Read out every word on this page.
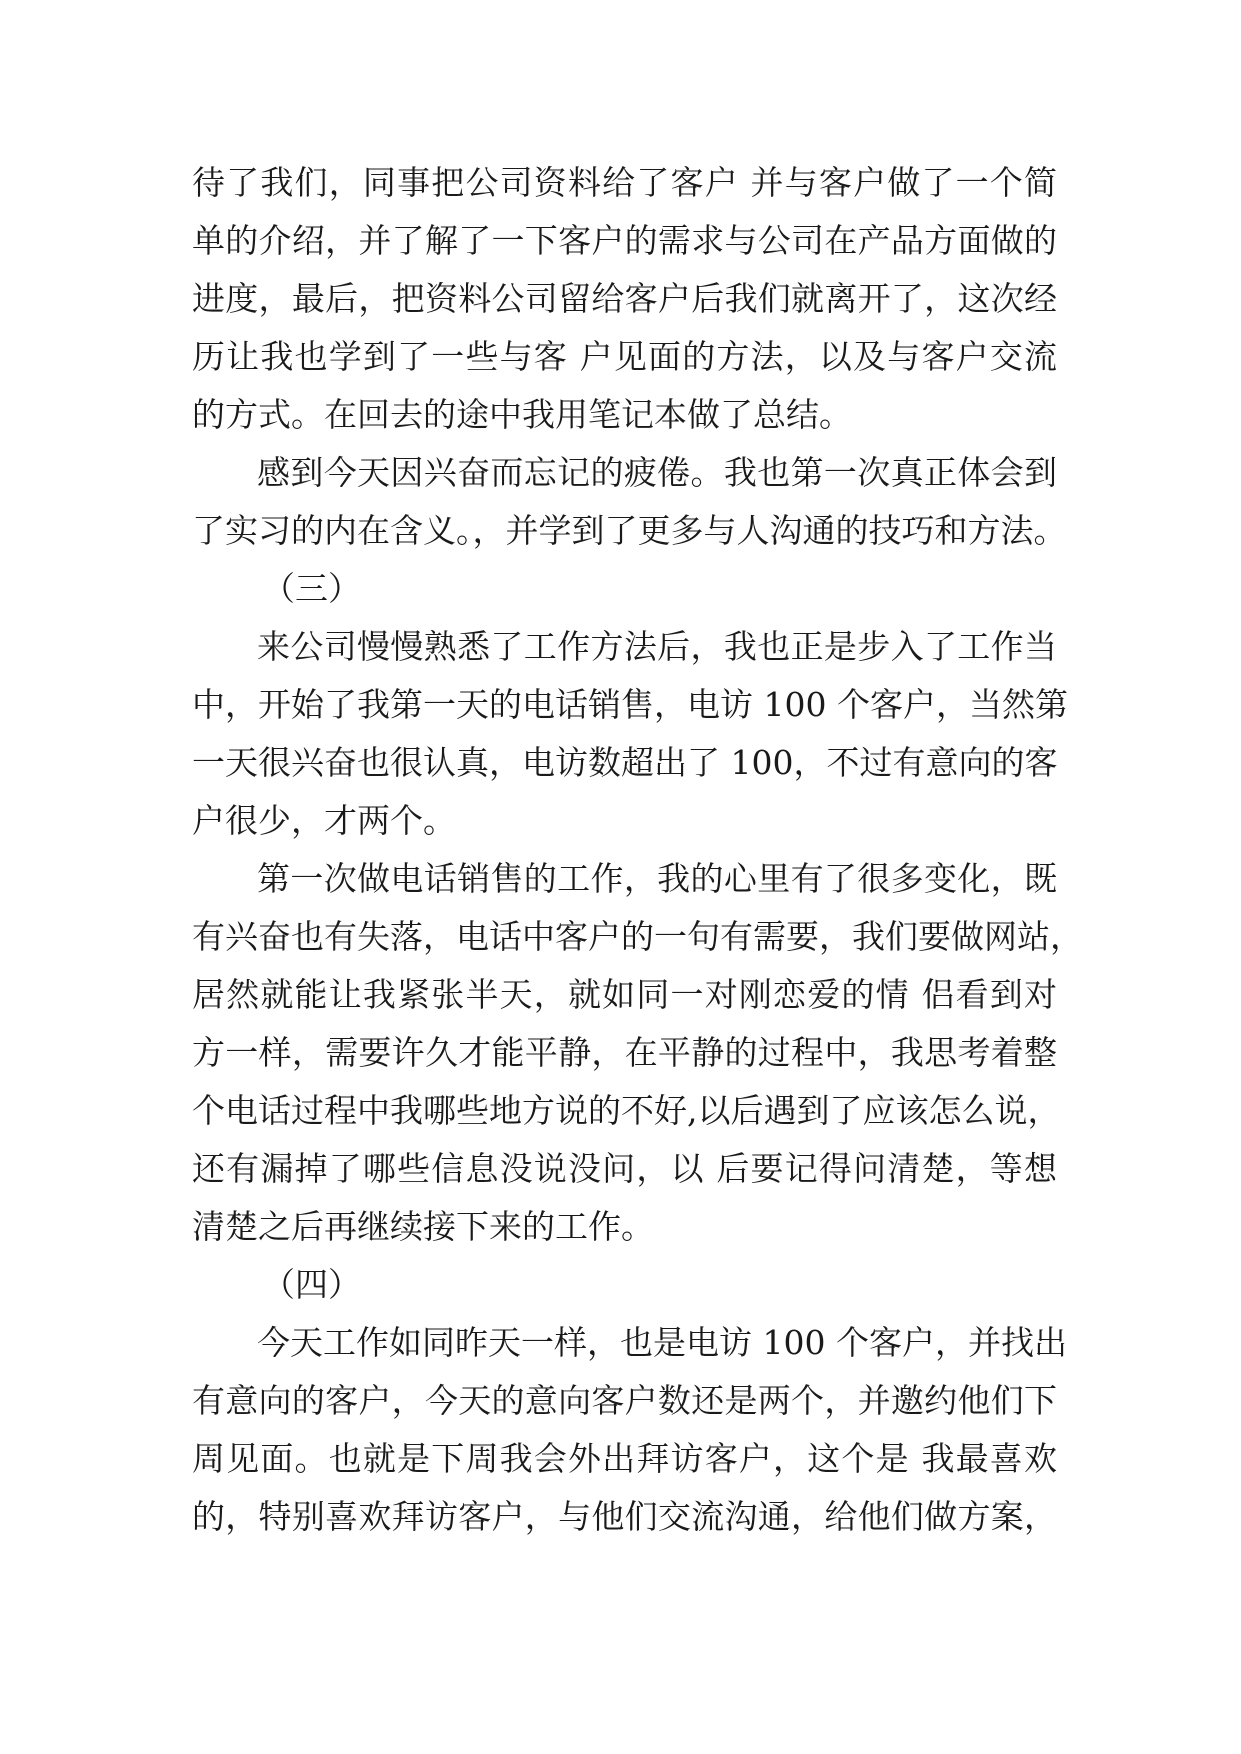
待了我们，同事把公司资料给了客户 并与客户做了一个简
单的介绍，并了解了一下客户的需求与公司在产品方面做的
进度，最后，把资料公司留给客户后我们就离开了，这次经
历让我也学到了一些与客 户见面的方法，以及与客户交流
的方式。在回去的途中我用笔记本做了总结。
感到今天因兴奋而忘记的疲倦。我也第一次真正体会到
了实习的内在含义。，并学到了更多与人沟通的技巧和方法。
（三）
来公司慢慢熟悉了工作方法后，我也正是步入了工作当
中，开始了我第一天的电话销售，电访 100 个客户，当然第
一天很兴奋也很认真，电访数超出了 100，不过有意向的客
户很少，才两个。
第一次做电话销售的工作，我的心里有了很多变化，既
有兴奋也有失落，电话中客户的一句有需要，我们要做网站，
居然就能让我紧张半天，就如同一对刚恋爱的情 侣看到对
方一样，需要许久才能平静，在平静的过程中，我思考着整
个电话过程中我哪些地方说的不好,以后遇到了应该怎么说，
还有漏掉了哪些信息没说没问，以 后要记得问清楚，等想
清楚之后再继续接下来的工作。
（四）
今天工作如同昨天一样，也是电访 100 个客户，并找出
有意向的客户，今天的意向客户数还是两个，并邀约他们下
周见面。也就是下周我会外出拜访客户，这个是 我最喜欢
的，特别喜欢拜访客户，与他们交流沟通，给他们做方案，
